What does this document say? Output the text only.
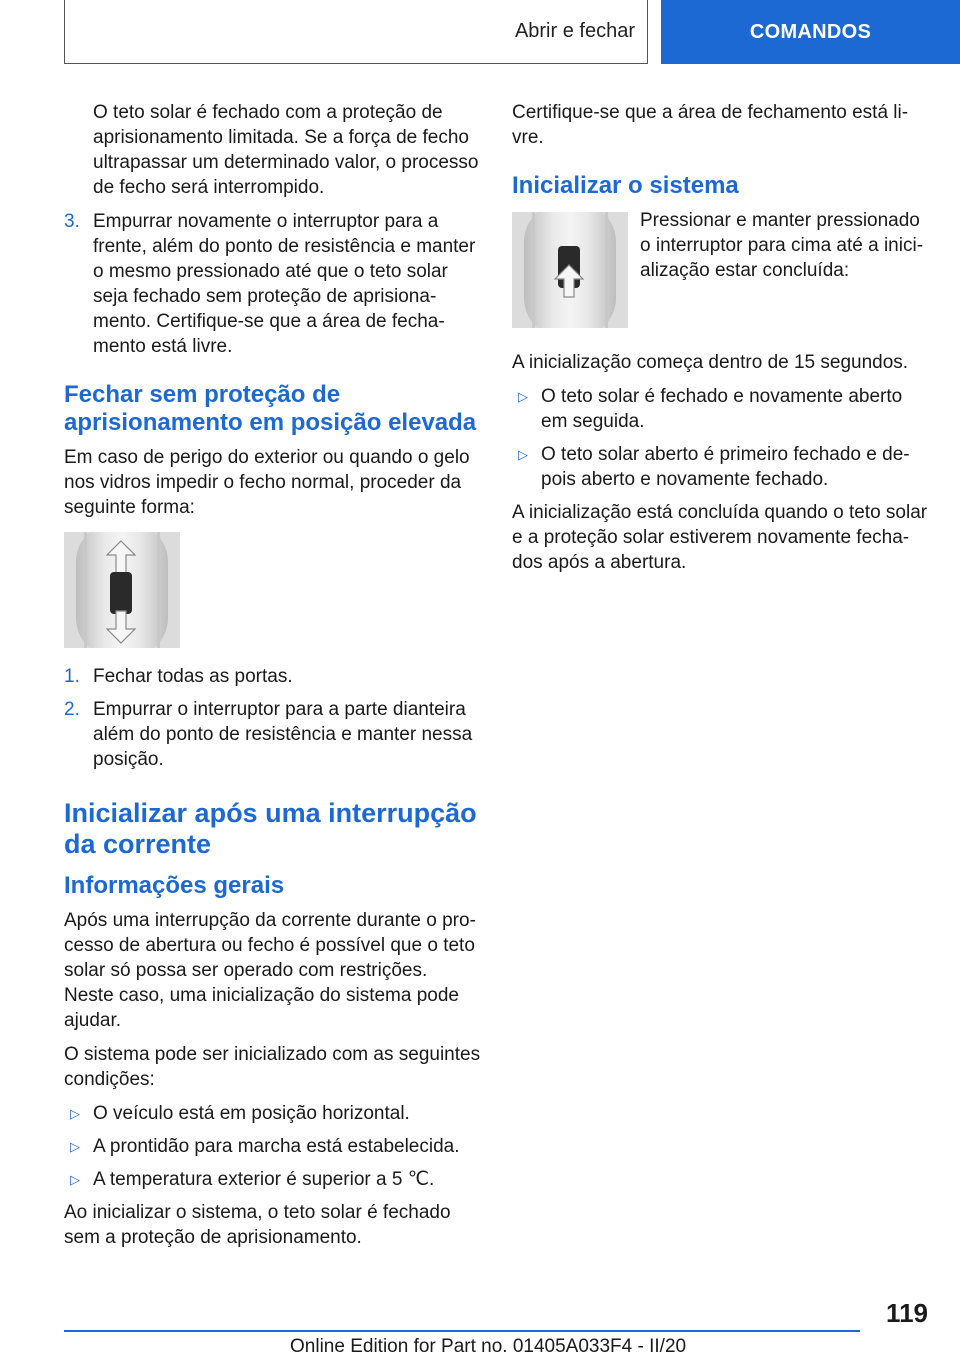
Abrir e fechar	COMANDOS

O teto solar é fechado com a proteção de aprisionamento limitada. Se a força de fecho ultrapassar um determinado valor, o processo de fecho será interrompido.

3. Empurrar novamente o interruptor para a frente, além do ponto de resistência e manter o mesmo pressionado até que o teto solar seja fechado sem proteção de aprisionamento. Certifique-se que a área de fechamento está livre.
Fechar sem proteção de aprisionamento em posição elevada

Em caso de perigo do exterior ou quando o gelo nos vidros impedir o fecho normal, proceder da seguinte forma:

1. Fechar todas as portas.
2. Empurrar o interruptor para a parte dianteira além do ponto de resistência e manter nessa posição.
Inicializar após uma interrupção da corrente
Informações gerais

Após uma interrupção da corrente durante o processo de abertura ou fecho é possível que o teto solar só possa ser operado com restrições. Neste caso, uma inicialização do sistema pode ajudar.

O sistema pode ser inicializado com as seguintes condições:

▷ O veículo está em posição horizontal.
▷ A prontidão para marcha está estabelecida.
▷ A temperatura exterior é superior a 5 ℃.

Ao inicializar o sistema, o teto solar é fechado sem a proteção de aprisionamento.

Certifique-se que a área de fechamento está livre.

Inicializar o sistema

Pressionar e manter pressionado o interruptor para cima até a inicialização estar concluída:

A inicialização começa dentro de 15 segundos.

▷ O teto solar é fechado e novamente aberto em seguida.
▷ O teto solar aberto é primeiro fechado e depois aberto e novamente fechado.

A inicialização está concluída quando o teto solar e a proteção solar estiverem novamente fechados após a abertura.

119
Online Edition for Part no. 01405A033F4 - II/20
